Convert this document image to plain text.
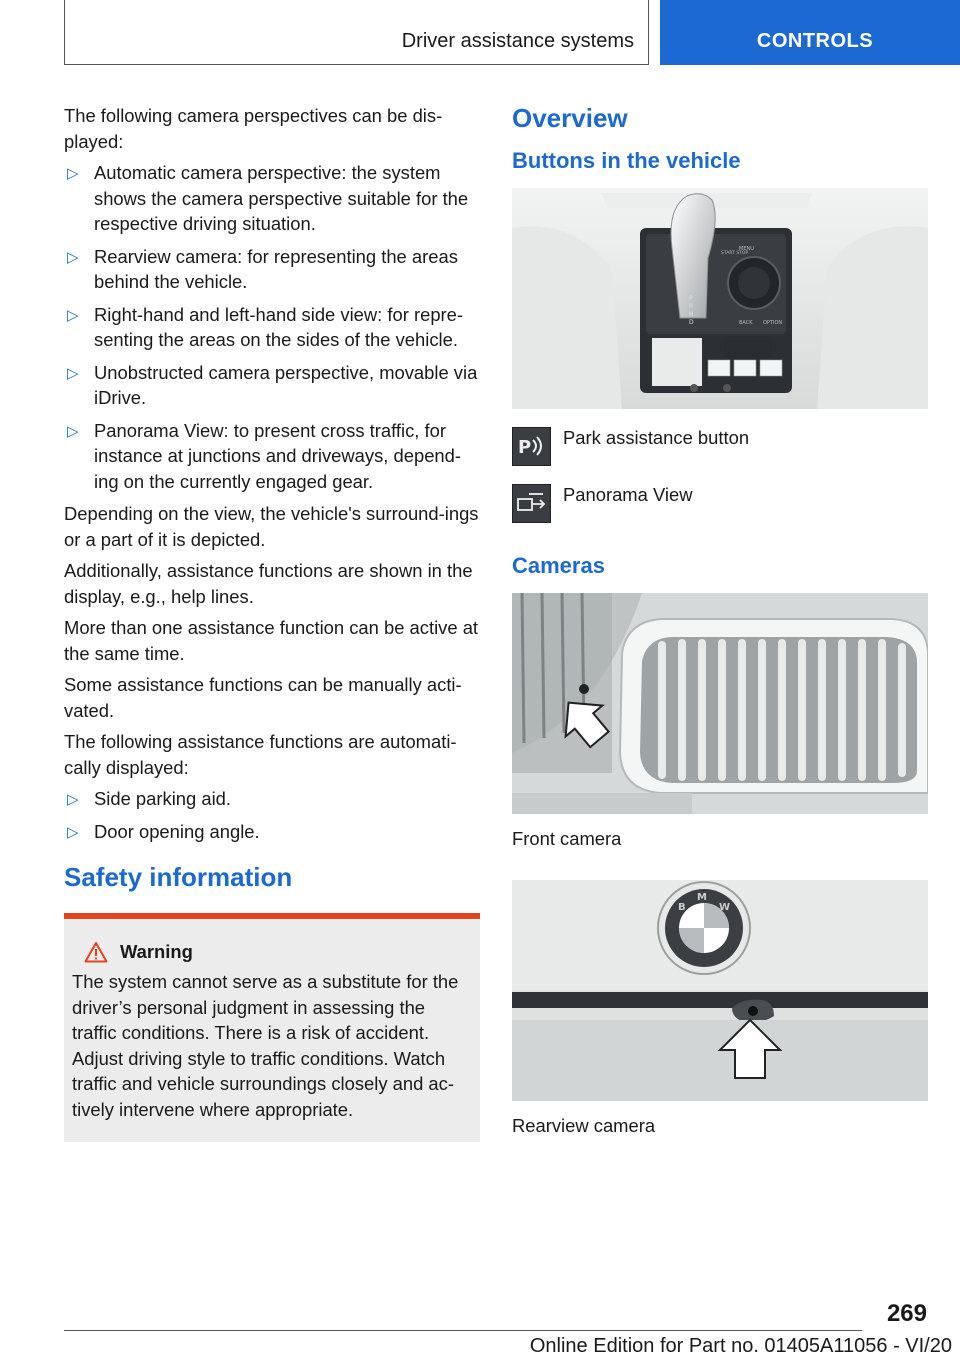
Driver assistance systems	CONTROLS

The following camera perspectives can be dis-played:

▷ Automatic camera perspective: the system shows the camera perspective suitable for the respective driving situation.
▷ Rearview camera: for representing the areas behind the vehicle.
▷ Right-hand and left-hand side view: for repre-senting the areas on the sides of the vehicle.
▷ Unobstructed camera perspective, movable via iDrive.
▷ Panorama View: to present cross traffic, for instance at junctions and driveways, depend-ing on the currently engaged gear.

Depending on the view, the vehicle's surround-ings or a part of it is depicted.

Additionally, assistance functions are shown in the display, e.g., help lines.

More than one assistance function can be active at the same time.

Some assistance functions can be manually acti-vated.

The following assistance functions are automati-cally displayed:

▷ Side parking aid.
▷ Door opening angle.
Safety information
Warning

The system cannot serve as a substitute for the driver’s personal judgment in assessing the traffic conditions. There is a risk of accident. Adjust driving style to traffic conditions. Watch traffic and vehicle surroundings closely and ac-tively intervene where appropriate.

Overview
Buttons in the vehicle
MENU
BACK OPTION
START STOP
P
R
N
D
P Park assistance button
Panorama View
Cameras

Front camera

B
M
W

Rearview camera

269
Online Edition for Part no. 01405A11056 - VI/20
